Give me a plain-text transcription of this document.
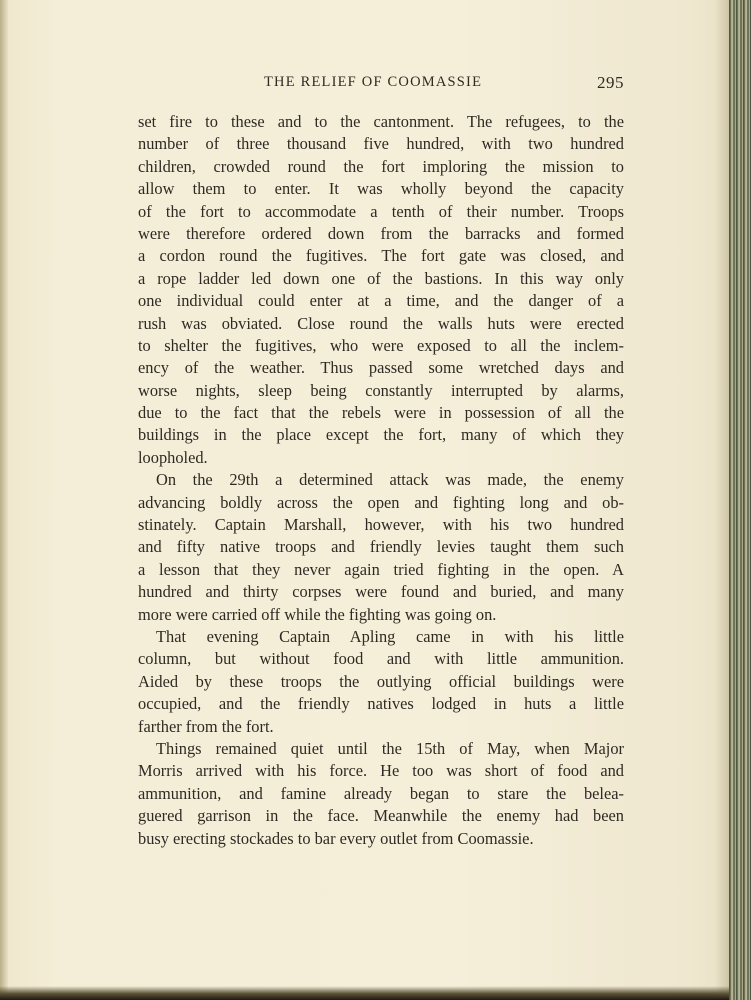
THE RELIEF OF COOMASSIE	295
set fire to these and to the cantonment. The refugees, to the
number of three thousand five hundred, with two hundred
children, crowded round the fort imploring the mission to
allow them to enter. It was wholly beyond the capacity
of the fort to accommodate a tenth of their number. Troops
were therefore ordered down from the barracks and formed
a cordon round the fugitives. The fort gate was closed, and
a rope ladder led down one of the bastions. In this way only
one individual could enter at a time, and the danger of a
rush was obviated. Close round the walls huts were erected
to shelter the fugitives, who were exposed to all the inclem-
ency of the weather. Thus passed some wretched days and
worse nights, sleep being constantly interrupted by alarms,
due to the fact that the rebels were in possession of all the
buildings in the place except the fort, many of which they
loopholed.
On the 29th a determined attack was made, the enemy
advancing boldly across the open and fighting long and ob-
stinately. Captain Marshall, however, with his two hundred
and fifty native troops and friendly levies taught them such
a lesson that they never again tried fighting in the open. A
hundred and thirty corpses were found and buried, and many
more were carried off while the fighting was going on.
That evening Captain Apling came in with his little
column, but without food and with little ammunition.
Aided by these troops the outlying official buildings were
occupied, and the friendly natives lodged in huts a little
farther from the fort.
Things remained quiet until the 15th of May, when Major
Morris arrived with his force. He too was short of food and
ammunition, and famine already began to stare the belea-
guered garrison in the face. Meanwhile the enemy had been
busy erecting stockades to bar every outlet from Coomassie.
